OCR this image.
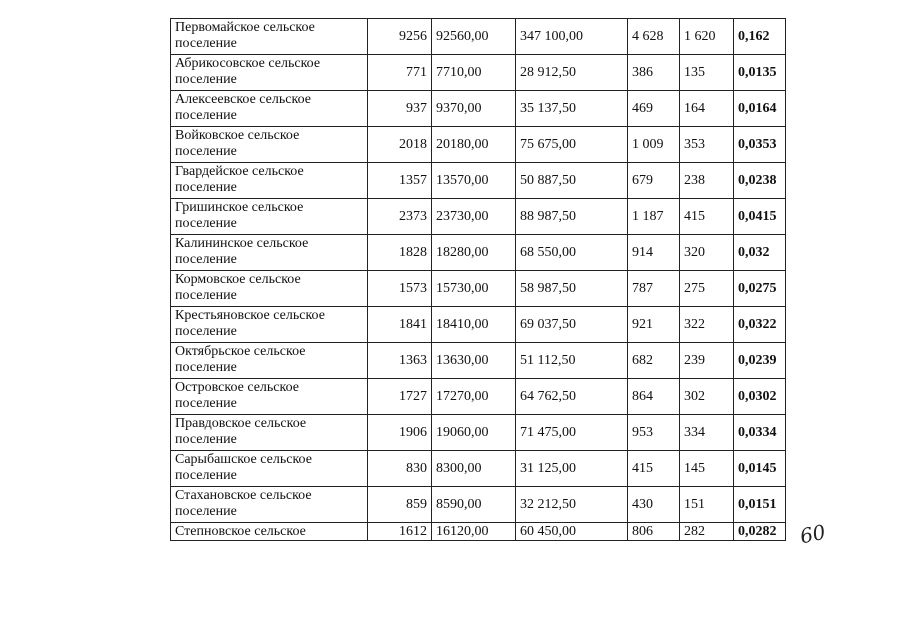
Первомайское сельское поселение	9256	92560,00	347 100,00	4 628	1 620	0,162
Абрикосовское сельское поселение	771	7710,00	28 912,50	386	135	0,0135
Алексеевское сельское поселение	937	9370,00	35 137,50	469	164	0,0164
Войковское сельское поселение	2018	20180,00	75 675,00	1 009	353	0,0353
Гвардейское сельское поселение	1357	13570,00	50 887,50	679	238	0,0238
Гришинское сельское поселение	2373	23730,00	88 987,50	1 187	415	0,0415
Калининское сельское поселение	1828	18280,00	68 550,00	914	320	0,032
Кормовское сельское поселение	1573	15730,00	58 987,50	787	275	0,0275
Крестьяновское сельское поселение	1841	18410,00	69 037,50	921	322	0,0322
Октябрьское сельское поселение	1363	13630,00	51 112,50	682	239	0,0239
Островское сельское поселение	1727	17270,00	64 762,50	864	302	0,0302
Правдовское сельское поселение	1906	19060,00	71 475,00	953	334	0,0334
Сарыбашское сельское поселение	830	8300,00	31 125,00	415	145	0,0145
Стахановское сельское поселение	859	8590,00	32 212,50	430	151	0,0151
Степновское сельское	1612	16120,00	60 450,00	806	282	0,0282 60
